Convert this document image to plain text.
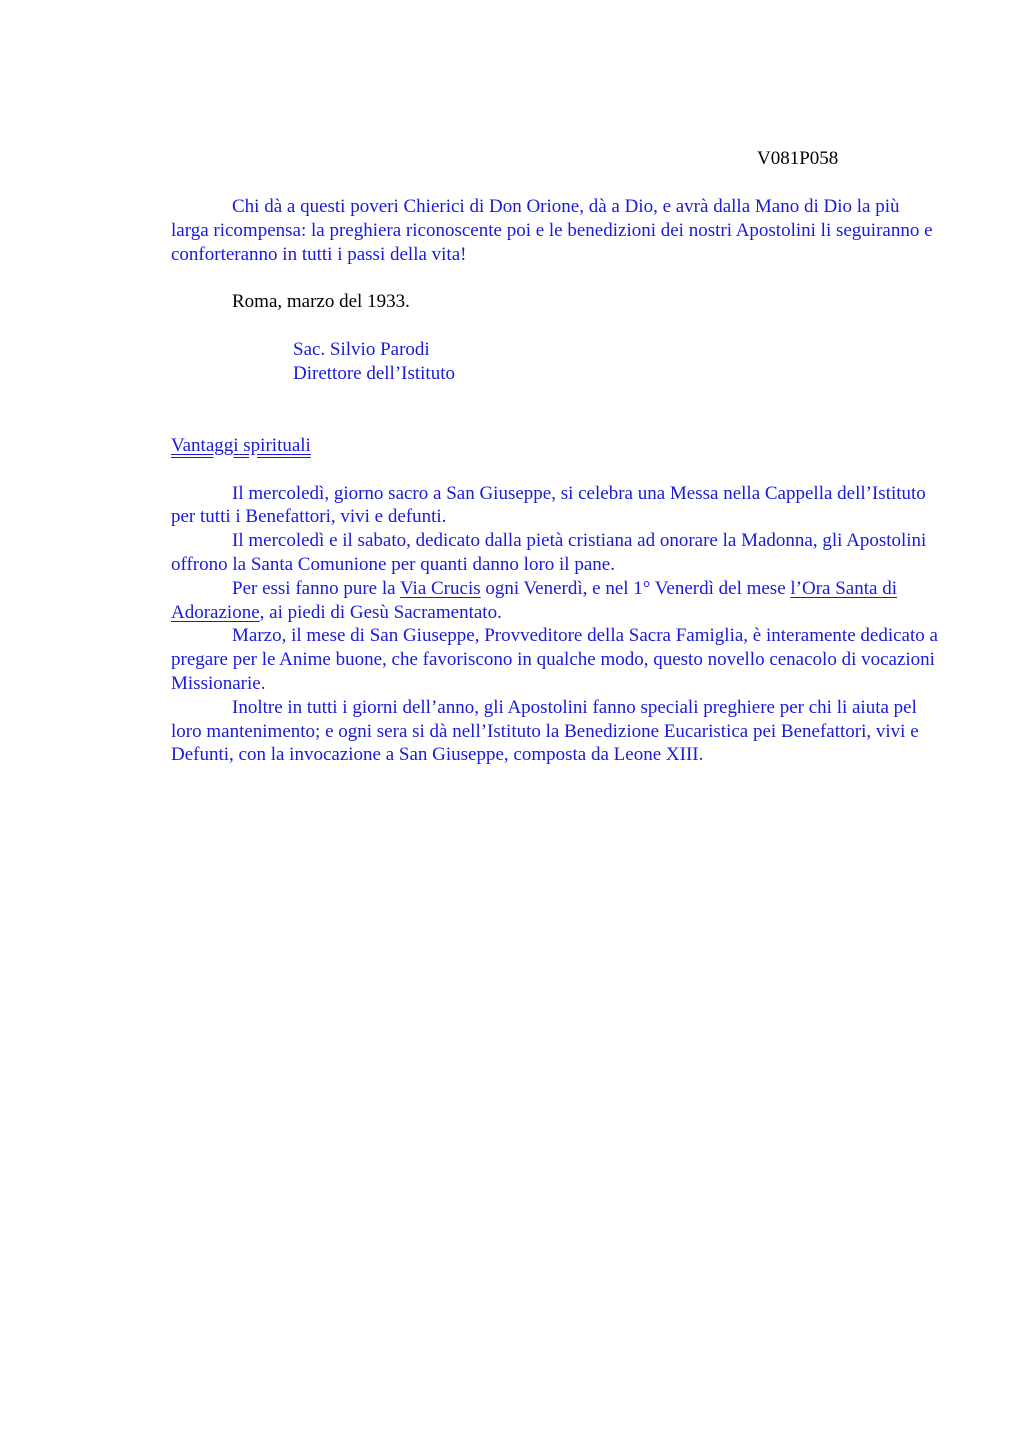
V081P058

Chi dà a questi poveri Chierici di Don Orione, dà a Dio, e avrà dalla Mano di Dio la più larga ricompensa: la preghiera riconoscente poi e le benedizioni dei nostri Apostolini li seguiranno e conforteranno in tutti i passi della vita!

Roma, marzo del 1933.

Sac. Silvio Parodi

Direttore dell’Istituto

Vantaggi spirituali

Il mercoledì, giorno sacro a San Giuseppe, si celebra una Messa nella Cappella dell’Istituto per tutti i Benefattori, vivi e defunti.

Il mercoledì e il sabato, dedicato dalla pietà cristiana ad onorare la Madonna, gli Apostolini offrono la Santa Comunione per quanti danno loro il pane.

Per essi fanno pure la Via Crucis ogni Venerdì, e nel 1° Venerdì del mese l’Ora Santa di Adorazione, ai piedi di Gesù Sacramentato.

Marzo, il mese di San Giuseppe, Provveditore della Sacra Famiglia, è interamente dedicato a pregare per le Anime buone, che favoriscono in qualche modo, questo novello cenacolo di vocazioni Missionarie.

Inoltre in tutti i giorni dell’anno, gli Apostolini fanno speciali preghiere per chi li aiuta pel loro mantenimento; e ogni sera si dà nell’Istituto la Benedizione Eucaristica pei Benefattori, vivi e Defunti, con la invocazione a San Giuseppe, composta da Leone XIII.
